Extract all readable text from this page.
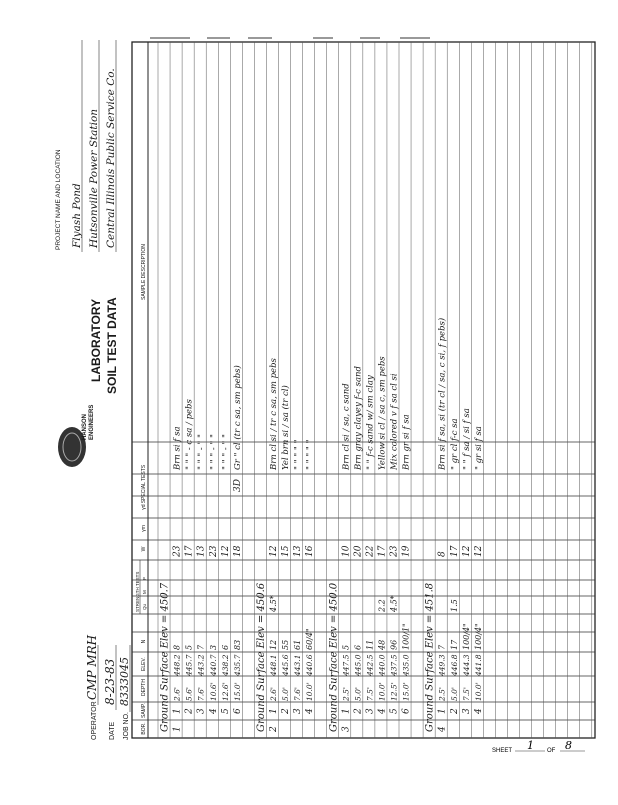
BOR.
SAMP.
DEPTH
ELEV.
N
W
γm
γd
SPECIAL TESTS
STRENGTH TESTS Qu
M
P
SAMPLE DESCRIPTION
OPERATOR
CMP MRH
DATE
8-23-83
JOB NO.
8333045
HANSON ENGINEERS
LABORATORY SOIL TEST DATA
PROJECT NAME AND LOCATION Flyash Pond Hutsonville Power Station Central Illinois Public Service Co.
SHEET 1 OF 8
Ground Surface Elev = 450.7 1
1
2.6'
448.2
8
23
Brn si f sa
2
5.6'
445.7
5
17
" " " - c sa / pebs
3
7.6'
443.2
7
13
" " " - " "
4
10.6'
440.7
3
23
" " " - " "
5
12.6'
438.2
6
12
" " " - " "
6
15.0'
435.7
83
18
3D
Gr " cl (tr c sa, sm pebs)
Ground Surface Elev = 450.6 2
1
2.6'
448.1
12
4.5*
12
Brn cl si / tr c sa, sm pebs
2
5.0'
445.6
55
15
Yel brn si / sa (tr cl)
3
7.6'
443.1
61
13
" " " " "
4
10.0'
440.6
60/4"
16
" " " " "
Ground Surface Elev = 450.0 3
1
2.5'
447.5
5
10
Brn cl si / sa, c sand
2
5.0'
445.0
6
20
Brn gray clayey f-c sand
3
7.5'
442.5
11
22
" " f-c sand w/ sm clay
4
10.0'
440.0
48
2.2
17
Yellow si cl / sa c, sm pebs
5
12.5'
437.5
96
4.5*
23
Mix colored v f sa cl si
6
15.0'
435.0
100/1"
19
Brn gr si f sa
Ground Surface Elev = 451.8 4
1
2.5'
449.3
7
8
Brn si f sa, si (tr cl / sa, c si, f pebs)
2
5.0'
446.8
17
1.5
17
" gr cl f-c sa
3
7.5'
444.3
100/4"
12
" " f sa / si f sa
4
10.0'
441.8
100/4"
12
" gr si f sa
